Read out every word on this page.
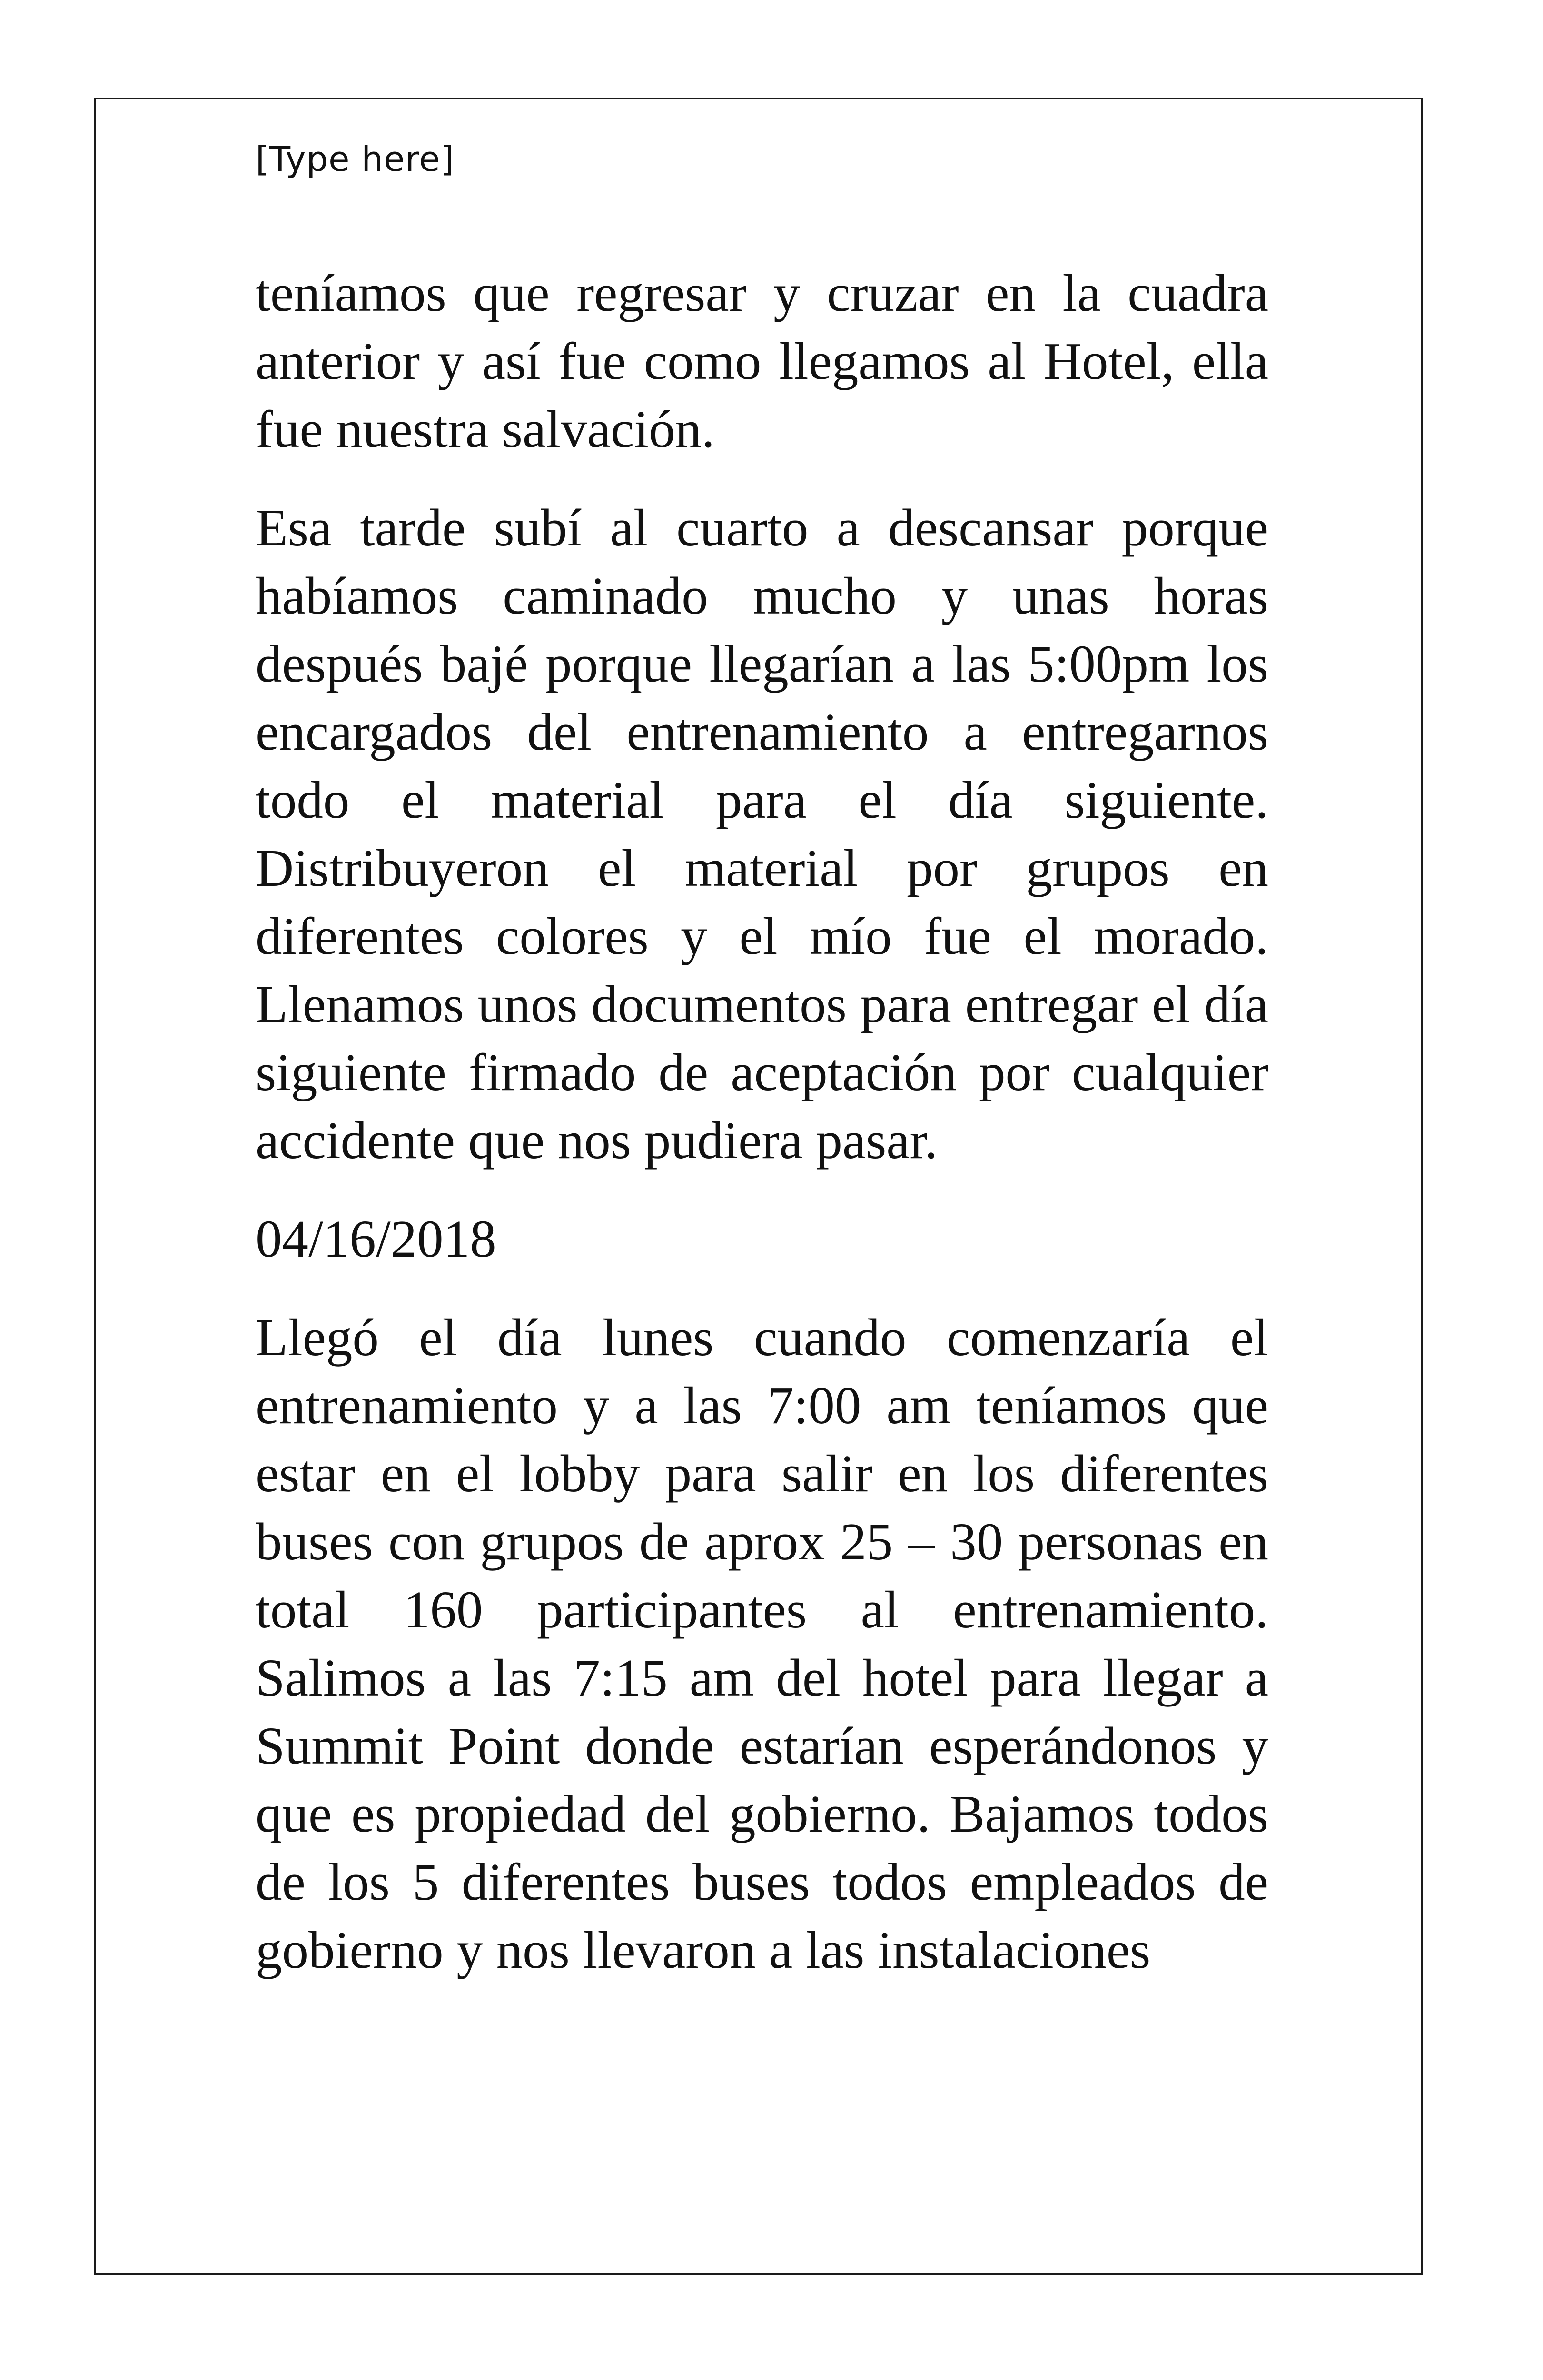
[Type here]

teníamos que regresar y cruzar en la cuadra anterior y así fue como llegamos al Hotel, ella fue nuestra salvación.

Esa tarde subí al cuarto a descansar porque habíamos caminado mucho y unas horas después bajé porque llegarían a las 5:00pm los encargados del entrenamiento a entregarnos todo el material para el día siguiente. Distribuyeron el material por grupos en diferentes colores y el mío fue el morado. Llenamos unos documentos para entregar el día siguiente firmado de aceptación por cualquier accidente que nos pudiera pasar.

04/16/2018

Llegó el día lunes cuando comenzaría el entrenamiento y a las 7:00 am teníamos que estar en el lobby para salir en los diferentes buses con grupos de aprox 25 – 30 personas en total 160 participantes al entrenamiento. Salimos a las 7:15 am del hotel para llegar a Summit Point donde estarían esperándonos y que es propiedad del gobierno. Bajamos todos de los 5 diferentes buses todos empleados de gobierno y nos llevaron a las instalaciones
